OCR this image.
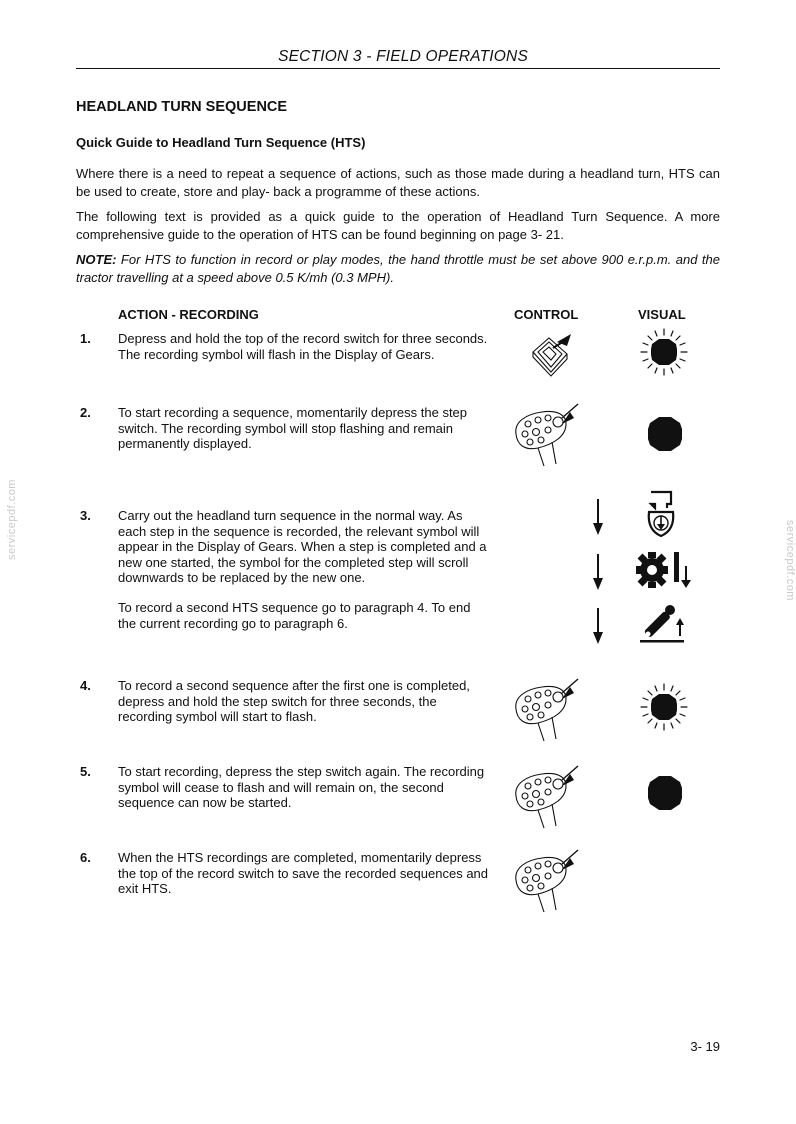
servicepdf.com
servicepdf.com
SECTION 3 - FIELD OPERATIONS
HEADLAND TURN SEQUENCE
Quick Guide to Headland Turn Sequence (HTS)
Where there is a need to repeat a sequence of actions, such as those made during a headland turn, HTS can be used to create, store and play- back a programme of these actions.
The following text is provided as a quick guide to the operation of Headland Turn Sequence. A more comprehensive guide to the operation of HTS can be found beginning on page 3- 21.
NOTE: For HTS to function in record or play modes, the hand throttle must be set above 900 e.r.p.m. and the tractor travelling at a speed above 0.5 K/mh (0.3 MPH).
ACTION - RECORDING	CONTROL	VISUAL
1. Depress and hold the top of the record switch for three seconds. The recording symbol will flash in the Display of Gears.
2. To start recording a sequence, momentarily depress the step switch. The recording symbol will stop flashing and remain permanently displayed.
3. Carry out the headland turn sequence in the normal way. As each step in the sequence is recorded, the relevant symbol will appear in the Display of Gears. When a step is completed and a new one started, the symbol for the completed step will scroll downwards to be replaced by the new one.
To record a second HTS sequence go to paragraph 4. To end the current recording go to paragraph 6.
4. To record a second sequence after the first one is completed, depress and hold the step switch for three seconds, the recording symbol will start to flash.
5. To start recording, depress the step switch again. The recording symbol will cease to flash and will remain on, the second sequence can now be started.
6. When the HTS recordings are completed, momentarily depress the top of the record switch to save the recorded sequences and exit HTS.
3- 19
